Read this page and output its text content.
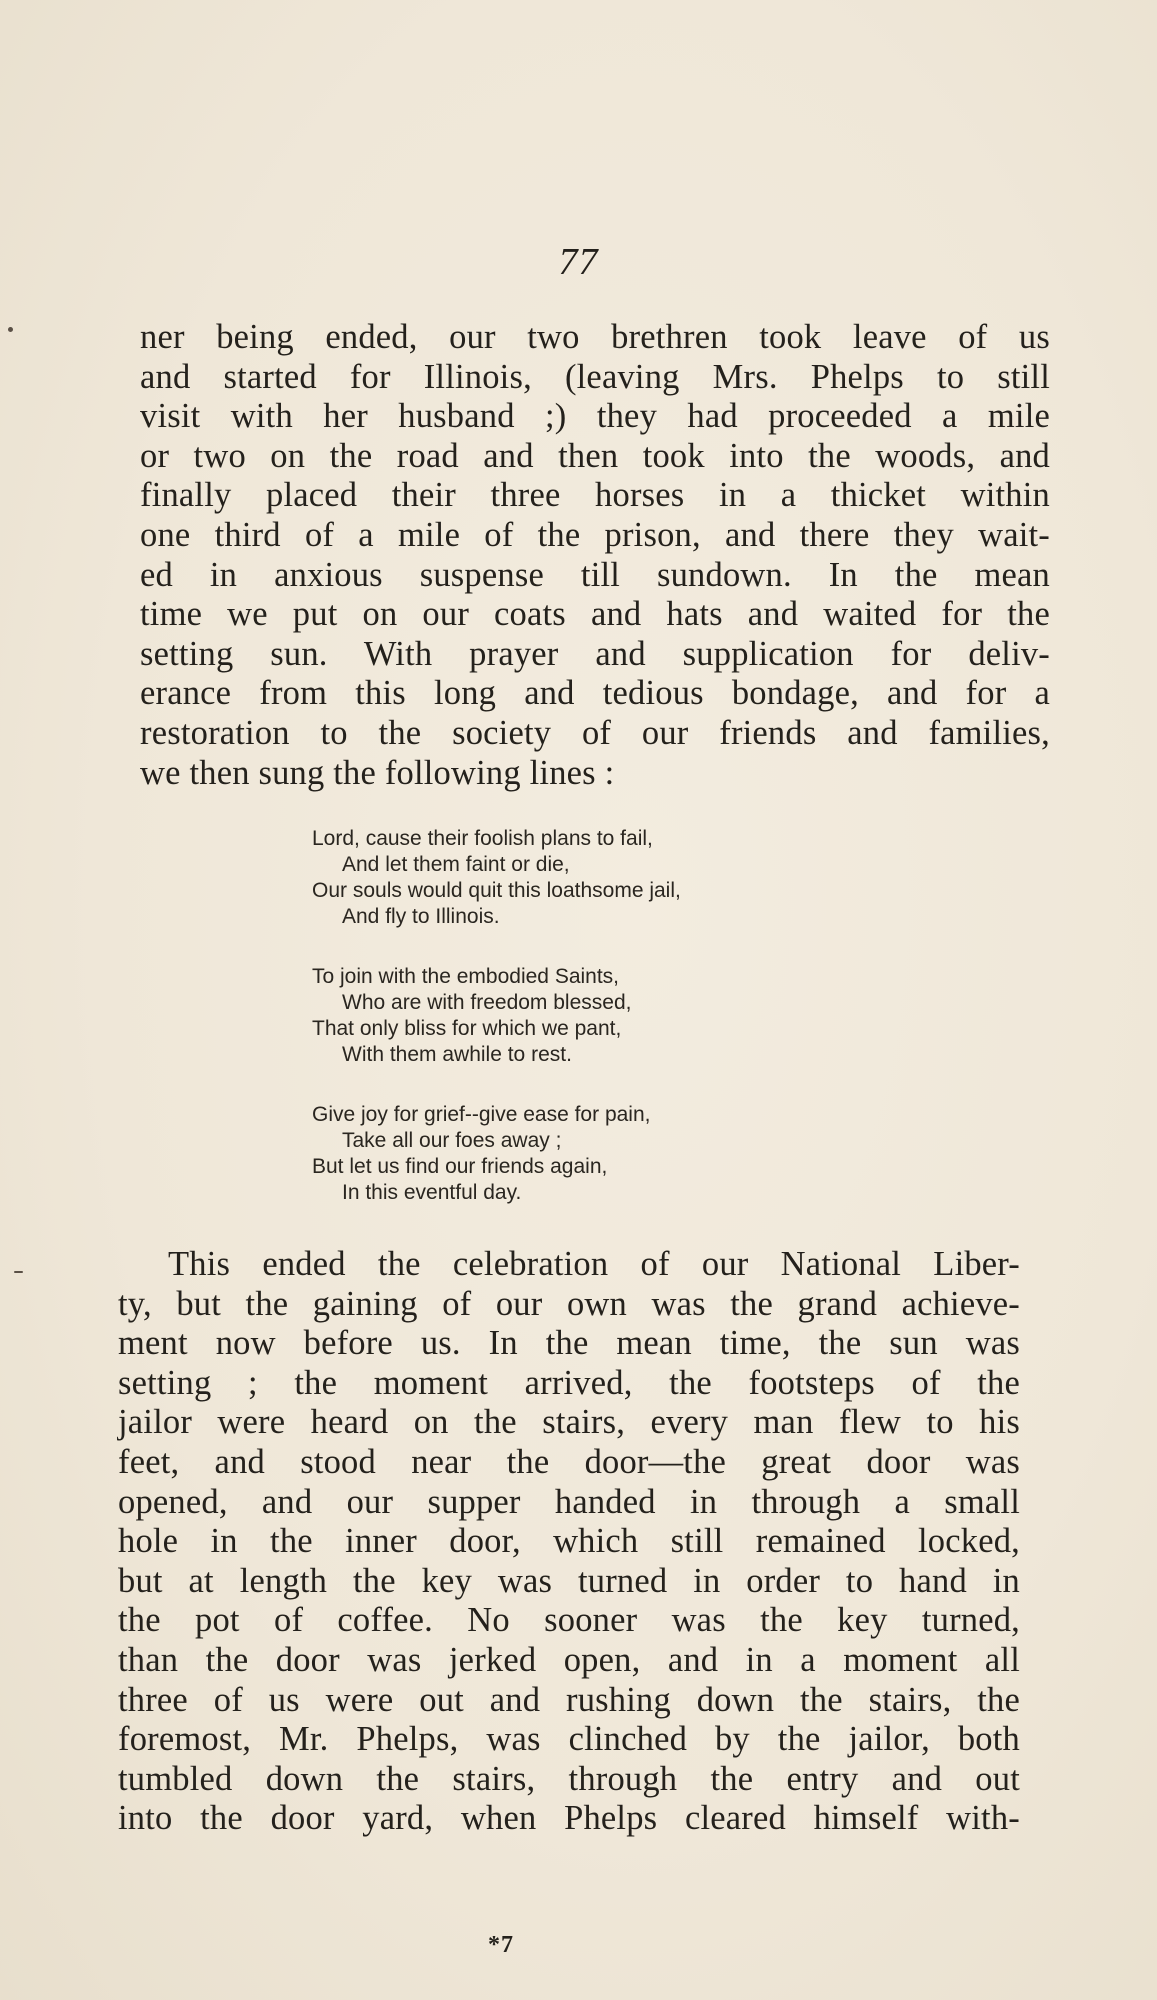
77
ner being ended, our two brethren took leave of us
and started for Illinois, (leaving Mrs. Phelps to still
visit with her husband ;) they had proceeded a mile
or two on the road and then took into the woods, and
finally placed their three horses in a thicket within
one third of a mile of the prison, and there they wait-
ed in anxious suspense till sundown. In the mean
time we put on our coats and hats and waited for the
setting sun. With prayer and supplication for deliv-
erance from this long and tedious bondage, and for a
restoration to the society of our friends and families,
we then sung the following lines :
Lord, cause their foolish plans to fail,
And let them faint or die,
Our souls would quit this loathsome jail,
And fly to Illinois.
To join with the embodied Saints,
Who are with freedom blessed,
That only bliss for which we pant,
With them awhile to rest.
Give joy for grief--give ease for pain,
Take all our foes away ;
But let us find our friends again,
In this eventful day.
This ended the celebration of our National Liber-
ty, but the gaining of our own was the grand achieve-
ment now before us. In the mean time, the sun was
setting ; the moment arrived, the footsteps of the
jailor were heard on the stairs, every man flew to his
feet, and stood near the door—the great door was
opened, and our supper handed in through a small
hole in the inner door, which still remained locked,
but at length the key was turned in order to hand in
the pot of coffee. No sooner was the key turned,
than the door was jerked open, and in a moment all
three of us were out and rushing down the stairs, the
foremost, Mr. Phelps, was clinched by the jailor, both
tumbled down the stairs, through the entry and out
into the door yard, when Phelps cleared himself with-
*7
